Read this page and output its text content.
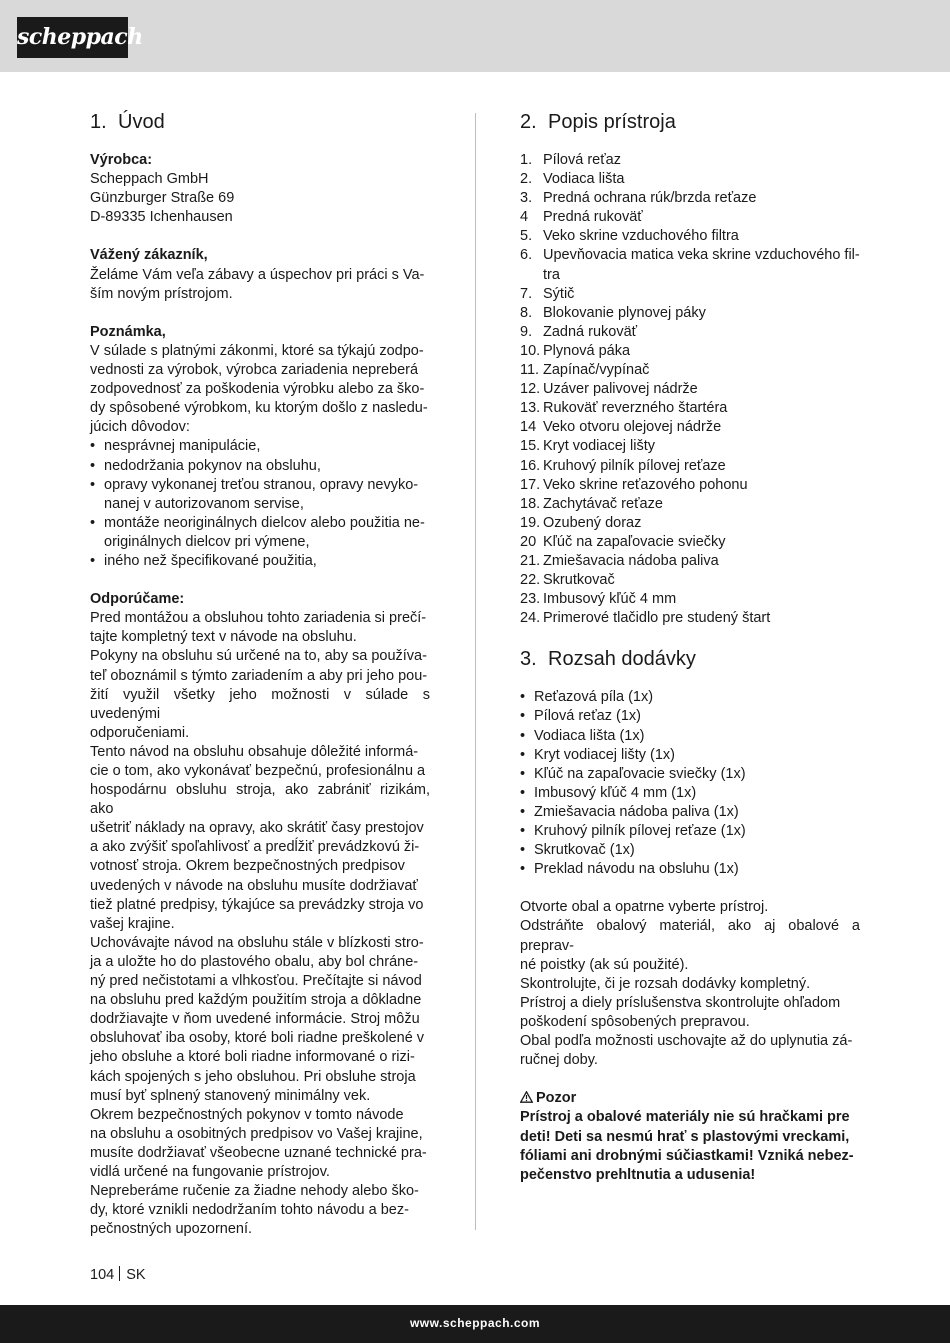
scheppach
1. Úvod
Výrobca:
Scheppach GmbH
Günzburger Straße 69
D-89335 Ichenhausen
Vážený zákazník,
Želáme Vám veľa zábavy a úspechov pri práci s Va-
ším novým prístrojom.
Poznámka,
V súlade s platnými zákonmi, ktoré sa týkajú zodpo-
vednosti za výrobok, výrobca zariadenia nepreberá
zodpovednosť za poškodenia výrobku alebo za ško-
dy spôsobené výrobkom, ku ktorým došlo z nasledu-
júcich dôvodov:
• nesprávnej manipulácie,
• nedodržania pokynov na obsluhu,
• opravy vykonanej treťou stranou, opravy nevyko-
nanej v autorizovanom servise,
• montáže neoriginálnych dielcov alebo použitia ne-
originálnych dielcov pri výmene,
• iného než špecifikované použitia,
Odporúčame:
Pred montážou a obsluhou tohto zariadenia si prečí-
tajte kompletný text v návode na obsluhu.
Pokyny na obsluhu sú určené na to, aby sa používa-
teľ oboznámil s týmto zariadením a aby pri jeho pou-
žití využil všetky jeho možnosti v súlade s uvedenými
odporučeniami.
Tento návod na obsluhu obsahuje dôležité informá-
cie o tom, ako vykonávať bezpečnú, profesionálnu a
hospodárnu obsluhu stroja, ako zabrániť rizikám, ako
ušetriť náklady na opravy, ako skrátiť časy prestojov
a ako zvýšiť spoľahlivosť a predĺžiť prevádzkovú ži-
votnosť stroja. Okrem bezpečnostných predpisov
uvedených v návode na obsluhu musíte dodržiavať
tiež platné predpisy, týkajúce sa prevádzky stroja vo
vašej krajine.
Uchovávajte návod na obsluhu stále v blízkosti stro-
ja a uložte ho do plastového obalu, aby bol chráne-
ný pred nečistotami a vlhkosťou. Prečítajte si návod
na obsluhu pred každým použitím stroja a dôkladne
dodržiavajte v ňom uvedené informácie. Stroj môžu
obsluhovať iba osoby, ktoré boli riadne preškolené v
jeho obsluhe a ktoré boli riadne informované o rizi-
kách spojených s jeho obsluhou. Pri obsluhe stroja
musí byť splnený stanovený minimálny vek.
Okrem bezpečnostných pokynov v tomto návode
na obsluhu a osobitných predpisov vo Vašej krajine,
musíte dodržiavať všeobecne uznané technické pra-
vidlá určené na fungovanie prístrojov.
Nepreberáme ručenie za žiadne nehody alebo ško-
dy, ktoré vznikli nedodržaním tohto návodu a bez-
pečnostných upozornení.
2. Popis prístroja
1. Pílová reťaz
2. Vodiaca lišta
3. Predná ochrana rúk/brzda reťaze
4 Predná rukoväť
5. Veko skrine vzduchového filtra
6. Upevňovacia matica veka skrine vzduchového fil-
tra
7. Sýtič
8. Blokovanie plynovej páky
9. Zadná rukoväť
10. Plynová páka
11. Zapínač/vypínač
12. Uzáver palivovej nádrže
13. Rukoväť reverzného štartéra
14 Veko otvoru olejovej nádrže
15. Kryt vodiacej lišty
16. Kruhový pilník pílovej reťaze
17. Veko skrine reťazového pohonu
18. Zachytávač reťaze
19. Ozubený doraz
20 Kľúč na zapaľovacie sviečky
21. Zmiešavacia nádoba paliva
22. Skrutkovač
23. Imbusový kľúč 4 mm
24. Primerové tlačidlo pre studený štart
3. Rozsah dodávky
• Reťazová píla (1x)
• Pílová reťaz (1x)
• Vodiaca lišta (1x)
• Kryt vodiacej lišty (1x)
• Kľúč na zapaľovacie sviečky (1x)
• Imbusový kľúč 4 mm (1x)
• Zmiešavacia nádoba paliva (1x)
• Kruhový pilník pílovej reťaze (1x)
• Skrutkovač (1x)
• Preklad návodu na obsluhu (1x)
Otvorte obal a opatrne vyberte prístroj.
Odstráňte obalový materiál, ako aj obalové a preprav-
né poistky (ak sú použité).
Skontrolujte, či je rozsah dodávky kompletný.
Prístroj a diely príslušenstva skontrolujte ohľadom
poškodení spôsobených prepravou.
Obal podľa možnosti uschovajte až do uplynutia zá-
ručnej doby.
Pozor
Prístroj a obalové materiály nie sú hračkami pre
deti! Deti sa nesmú hrať s plastovými vreckami,
fóliami ani drobnými súčiastkami! Vzniká nebez-
pečenstvo prehltnutia a udusenia!
104 SK
www.scheppach.com
